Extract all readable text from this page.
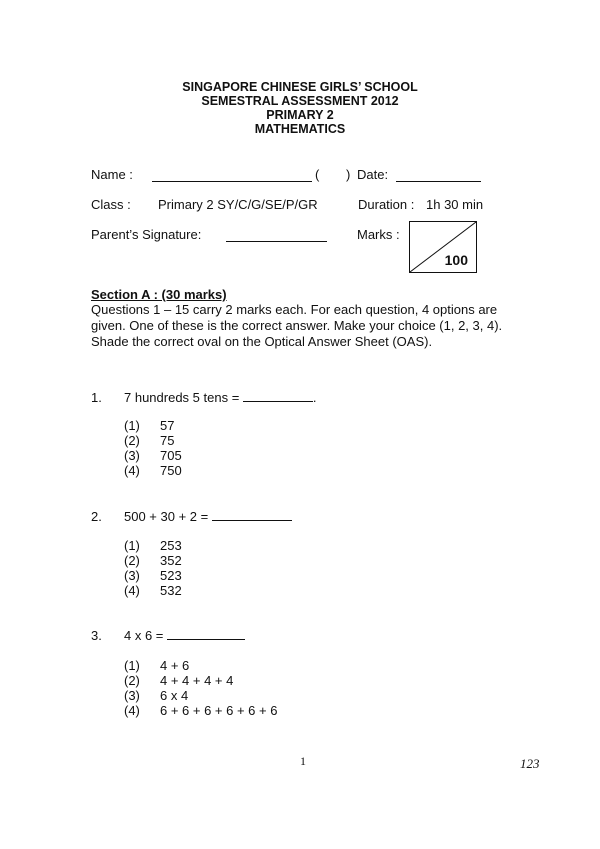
SINGAPORE CHINESE GIRLS’ SCHOOL
SEMESTRAL ASSESSMENT 2012
PRIMARY 2
MATHEMATICS
Name :	( ) Date:
Class : Primary 2 SY/C/G/SE/P/GR	Duration : 1h 30 min
Parent’s Signature:	Marks :
100
Section A : (30 marks)
Questions 1 – 15 carry 2 marks each. For each question, 4 options are given. One of these is the correct answer. Make your choice (1, 2, 3, 4). Shade the correct oval on the Optical Answer Sheet (OAS).
1. 7 hundreds 5 tens =	.
(1) 57
(2) 75
(3) 705
(4) 750
2. 500 + 30 + 2 =
(1) 253
(2) 352
(3) 523
(4) 532
3. 4 x 6 =
(1) 4 + 6
(2) 4 + 4 + 4 + 4
(3) 6 x 4
(4) 6 + 6 + 6 + 6 + 6 + 6
1	123
